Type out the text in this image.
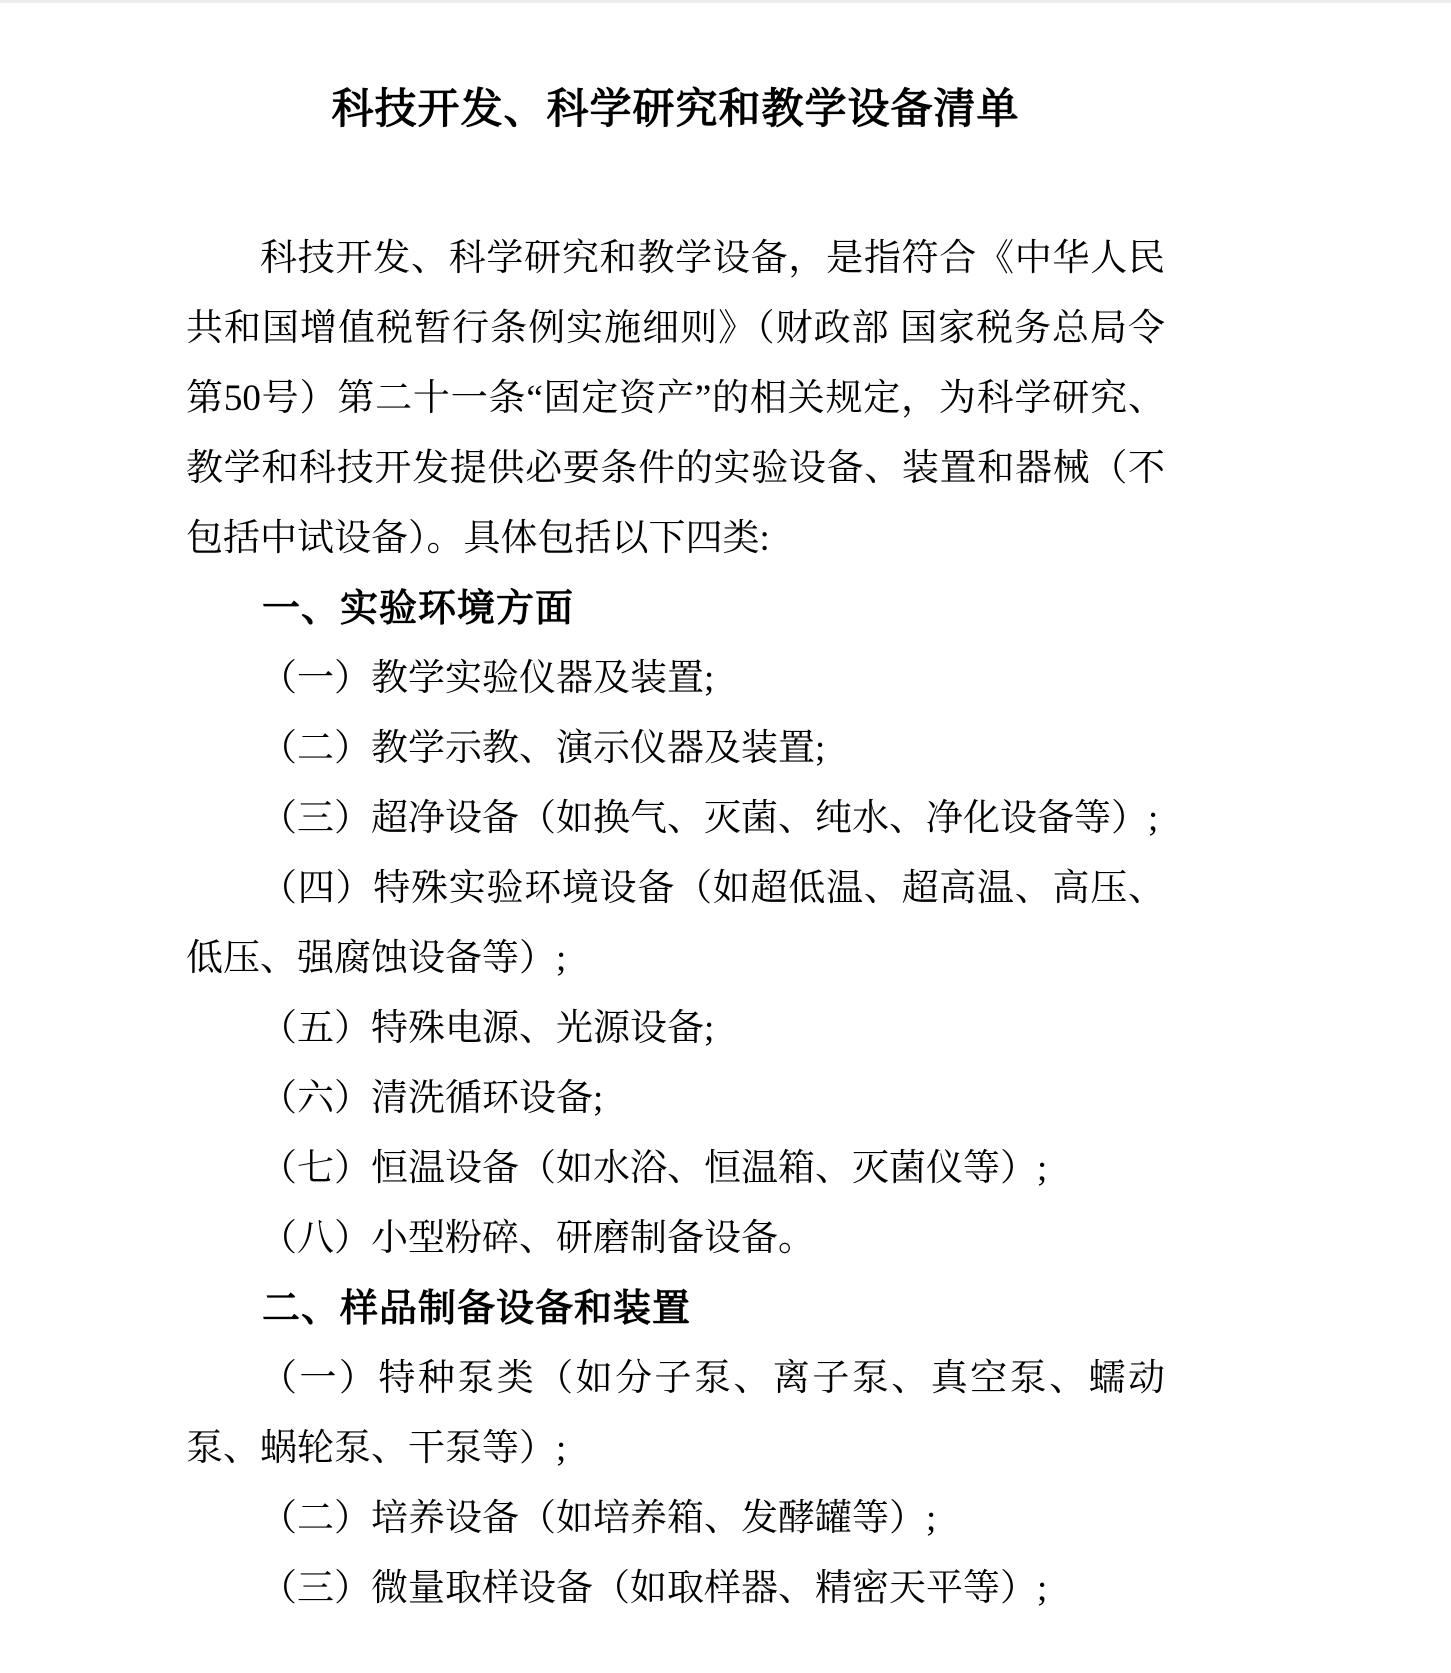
科技开发、科学研究和教学设备清单

科技开发、科学研究和教学设备，是指符合《中华人民共和国增值税暂行条例实施细则》（财政部 国家税务总局令第50号）第二十一条“固定资产”的相关规定，为科学研究、教学和科技开发提供必要条件的实验设备、装置和器械（不包括中试设备）。具体包括以下四类:

一、实验环境方面

（一）教学实验仪器及装置;

（二）教学示教、演示仪器及装置;

（三）超净设备（如换气、灭菌、纯水、净化设备等）;

（四）特殊实验环境设备（如超低温、超高温、高压、低压、强腐蚀设备等）;

（五）特殊电源、光源设备;

（六）清洗循环设备;

（七）恒温设备（如水浴、恒温箱、灭菌仪等）;

（八）小型粉碎、研磨制备设备。

二、样品制备设备和装置

（一）特种泵类（如分子泵、离子泵、真空泵、蠕动泵、蜗轮泵、干泵等）;

（二）培养设备（如培养箱、发酵罐等）;

（三）微量取样设备（如取样器、精密天平等）;
